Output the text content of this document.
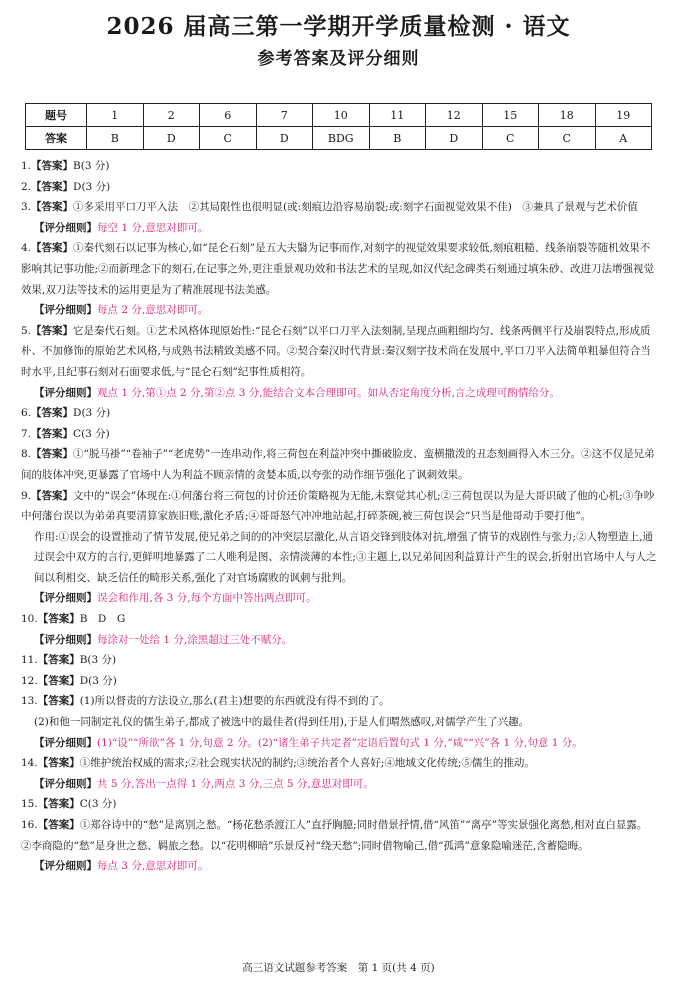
2026 届高三第一学期开学质量检测 · 语文
参考答案及评分细则
题号	1	2	6	7	10	11	12	15	18	19
答案	B	D	C	D	BDG	B	D	C	C	A

1.【答案】B(3 分)

2.【答案】D(3 分)

3.【答案】①多采用平口刀平入法　②其局限性也很明显(或:刻痕边沿容易崩裂;或:刻字石面视觉效果不佳)　③兼具了景观与艺术价值

【评分细则】每空 1 分,意思对即可。

4.【答案】①秦代刻石以记事为核心,如“昆仑石刻”是五大夫翳为记事而作,对刻字的视觉效果要求较低,刻痕粗糙、线条崩裂等随机效果不影响其记事功能;②而新理念下的刻石,在记事之外,更注重景观功效和书法艺术的呈现,如汉代纪念碑类石刻通过填朱砂、改进刀法增强视觉效果,双刀法等技术的运用更是为了精准展现书法美感。

【评分细则】每点 2 分,意思对即可。

5.【答案】它是秦代石刻。①艺术风格体现原始性:“昆仑石刻”以平口刀平入法刻制,呈现点画粗细均匀、线条两侧平行及崩裂特点,形成质朴、不加修饰的原始艺术风格,与成熟书法精致美感不同。②契合秦汉时代背景:秦汉刻字技术尚在发展中,平口刀平入法简单粗暴但符合当时水平,且纪事石刻对石面要求低,与“昆仑石刻”纪事性质相符。

【评分细则】观点 1 分,第①点 2 分,第②点 3 分,能结合文本合理即可。如从否定角度分析,言之成理可酌情给分。

6.【答案】D(3 分)

7.【答案】C(3 分)

8.【答案】①“脱马褂”“卷袖子”“老虎势”一连串动作,将三荷包在利益冲突中撕破脸皮、蛮横撒泼的丑态刻画得入木三分。②这不仅是兄弟间的肢体冲突,更暴露了官场中人为利益不顾亲情的贪婪本质,以夸张的动作细节强化了讽刺效果。

9.【答案】文中的“误会”体现在:①何藩台将三荷包的讨价还价策略视为无能,未察觉其心机;②三荷包误以为是大哥识破了他的心机;③争吵中何藩台误以为弟弟真要清算家族旧账,激化矛盾;④哥哥怒气冲冲地站起,打碎茶碗,被三荷包误会“只当是他哥动手要打他”。

作用:①误会的设置推动了情节发展,使兄弟之间的的冲突层层激化,从言语交锋到肢体对抗,增强了情节的戏剧性与张力;②人物塑造上,通过误会中双方的言行,更鲜明地暴露了二人唯利是图、亲情淡薄的本性;③主题上,以兄弟间因利益算计产生的误会,折射出官场中人与人之间以利相交、缺乏信任的畸形关系,强化了对官场腐败的讽刺与批判。

【评分细则】误会和作用,各 3 分,每个方面中答出两点即可。

10.【答案】B　D　G

【评分细则】每涂对一处给 1 分,涂黑超过三处不赋分。

11.【答案】B(3 分)

12.【答案】D(3 分)

13.【答案】(1)所以督责的方法设立,那么(君主)想要的东西就没有得不到的了。

(2)和他一同制定礼仪的儒生弟子,都成了被选中的最佳者(得到任用),于是人们喟然感叹,对儒学产生了兴趣。

【评分细则】(1)“设”“所欲”各 1 分,句意 2 分。(2)“诸生弟子共定者”定语后置句式 1 分,“咸”“兴”各 1 分,句意 1 分。

14.【答案】①维护统治权威的需求;②社会现实状况的制约;③统治者个人喜好;④地域文化传统;⑤儒生的推动。

【评分细则】共 5 分,答出一点得 1 分,两点 3 分,三点 5 分,意思对即可。

15.【答案】C(3 分)

16.【答案】①郑谷诗中的“愁”是离别之愁。“杨花愁杀渡江人”直抒胸臆;同时借景抒情,借“风笛”“离亭”等实景强化离愁,相对直白显露。②李商隐的“愁”是身世之愁、羁旅之愁。以“花明柳暗”乐景反衬“绕天愁”;同时借物喻己,借“孤鸿”意象隐喻迷茫,含蓄隐晦。

【评分细则】每点 3 分,意思对即可。

高三语文试题参考答案　第 1 页(共 4 页)
